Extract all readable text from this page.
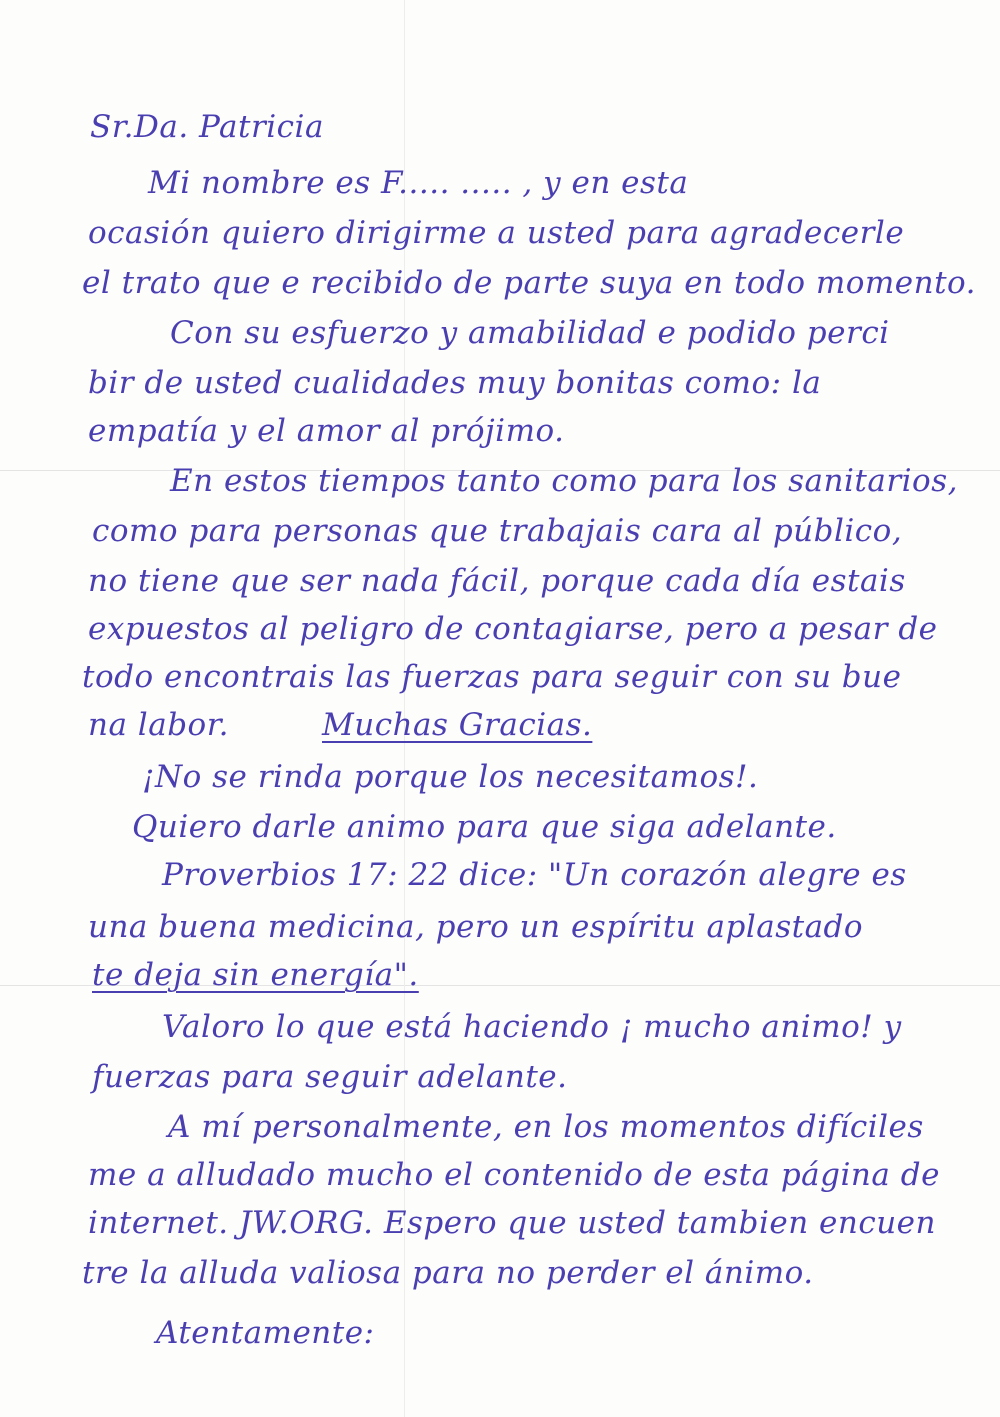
Sr.Da. Patricia
Mi nombre es F..... ..... , y en esta
ocasión quiero dirigirme a usted para agradecerle
el trato que e recibido de parte suya en todo momento.
Con su esfuerzo y amabilidad e podido perci
bir de usted cualidades muy bonitas como: la
empatía y el amor al prójimo.
En estos tiempos tanto como para los sanitarios,
como para personas que trabajais cara al público,
no tiene que ser nada fácil, porque cada día estais
expuestos al peligro de contagiarse, pero a pesar de
todo encontrais las fuerzas para seguir con su bue
na labor.	Muchas Gracias.
¡No se rinda porque los necesitamos!.
Quiero darle animo para que siga adelante.
Proverbios 17: 22 dice: "Un corazón alegre es
una buena medicina, pero un espíritu aplastado
te deja sin energía".
Valoro lo que está haciendo ¡ mucho animo! y
fuerzas para seguir adelante.
A mí personalmente, en los momentos difíciles
me a alludado mucho el contenido de esta página de
internet. JW.ORG. Espero que usted tambien encuen
tre la alluda valiosa para no perder el ánimo.
Atentamente:
